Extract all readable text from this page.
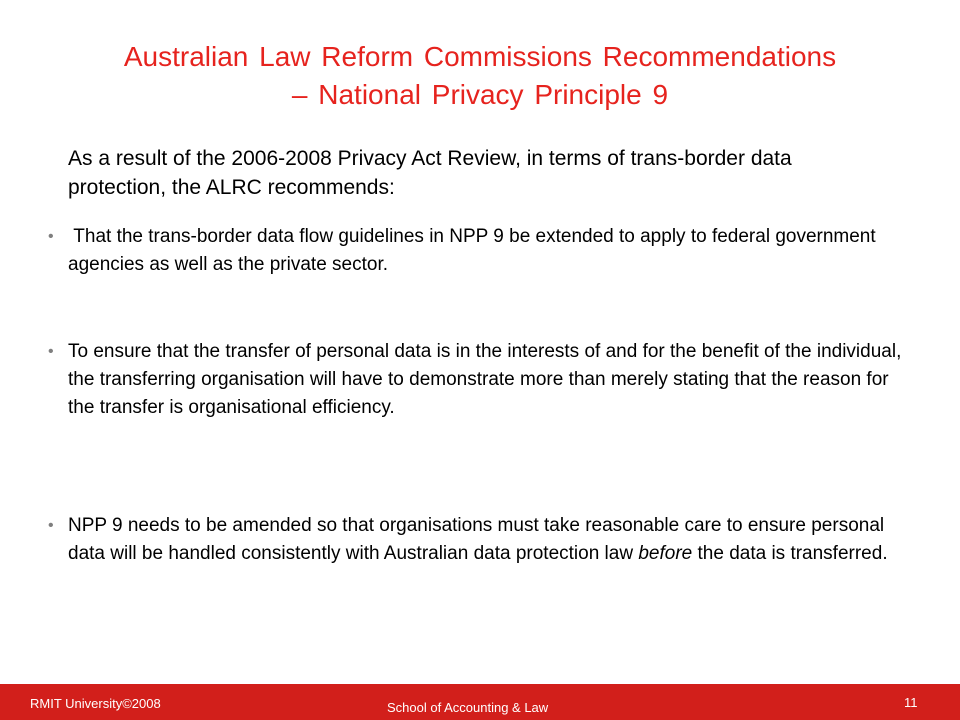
Australian Law Reform Commissions Recommendations
– National Privacy Principle 9
As a result of the 2006-2008 Privacy Act Review, in terms of trans-border data protection, the ALRC recommends:
• That the trans-border data flow guidelines in NPP 9 be extended to apply to federal government agencies as well as the private sector.
• To ensure that the transfer of personal data is in the interests of and for the benefit of the individual, the transferring organisation will have to demonstrate more than merely stating that the reason for the transfer is organisational efficiency.
• NPP 9 needs to be amended so that organisations must take reasonable care to ensure personal data will be handled consistently with Australian data protection law before the data is transferred.
RMIT University©2008	School of Accounting & Law	11
